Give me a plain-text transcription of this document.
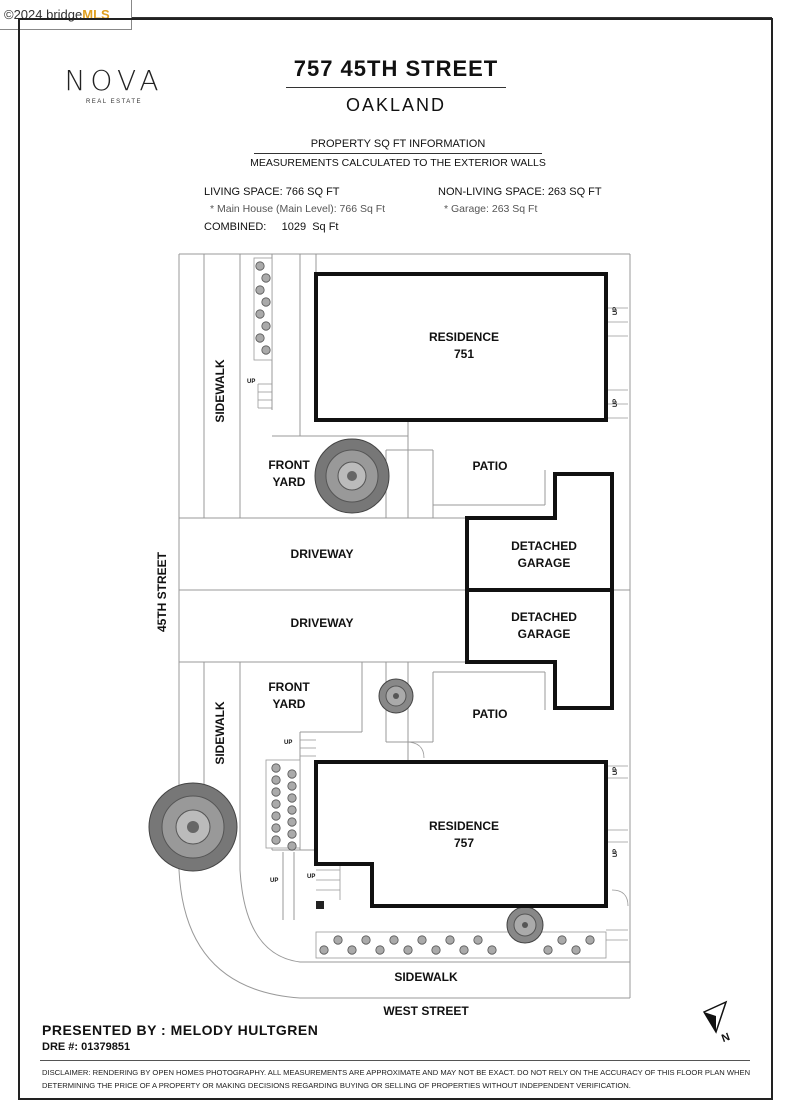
©2024 bridgeMLS
NOVA
REAL ESTATE
757 45TH STREET
OAKLAND
PROPERTY SQ FT INFORMATION
MEASUREMENTS CALCULATED TO THE EXTERIOR WALLS
LIVING SPACE: 766 SQ FT
* Main House (Main Level): 766 Sq Ft
NON-LIVING SPACE: 263 SQ FT
* Garage: 263 Sq Ft
COMBINED:     1029  Sq Ft
RESIDENCE
751
RESIDENCE
757
PATIO
PATIO
FRONT
YARD
FRONT
YARD
DRIVEWAY
DRIVEWAY
DETACHED
GARAGE
DETACHED
GARAGE
SIDEWALK
SIDEWALK
45TH STREET
SIDEWALK
WEST STREET
N
UP
UP
UP
UP
UP
UP
UP
UP
PRESENTED BY : MELODY HULTGREN
DRE #: 01379851
DISCLAIMER: RENDERING BY OPEN HOMES PHOTOGRAPHY. ALL MEASUREMENTS ARE APPROXIMATE AND MAY NOT BE EXACT. DO NOT RELY ON THE ACCURACY OF THIS FLOOR PLAN WHEN DETERMINING THE PRICE OF A PROPERTY OR MAKING DECISIONS REGARDING BUYING OR SELLING OF PROPERTIES WITHOUT INDEPENDENT VERIFICATION.
